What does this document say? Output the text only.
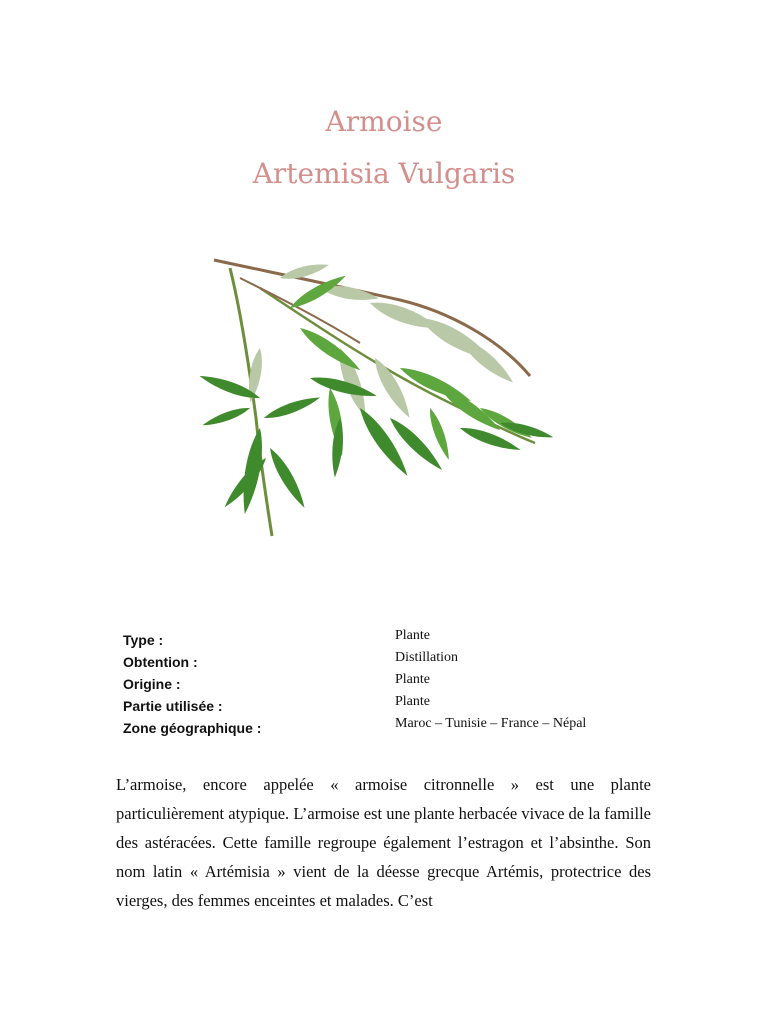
Armoise
Artemisia Vulgaris
Type :
Obtention :
Origine :
Partie utilisée :
Zone géographique :
Plante
Distillation
Plante
Plante
Maroc – Tunisie – France – Népal

L’armoise, encore appelée « armoise citronnelle » est une plante particulièrement atypique. L’armoise est une plante herbacée vivace de la famille des astéracées. Cette famille regroupe également l’estragon et l’absinthe. Son nom latin « Artémisia » vient de la déesse grecque Artémis, protectrice des vierges, des femmes enceintes et malades. C’est
